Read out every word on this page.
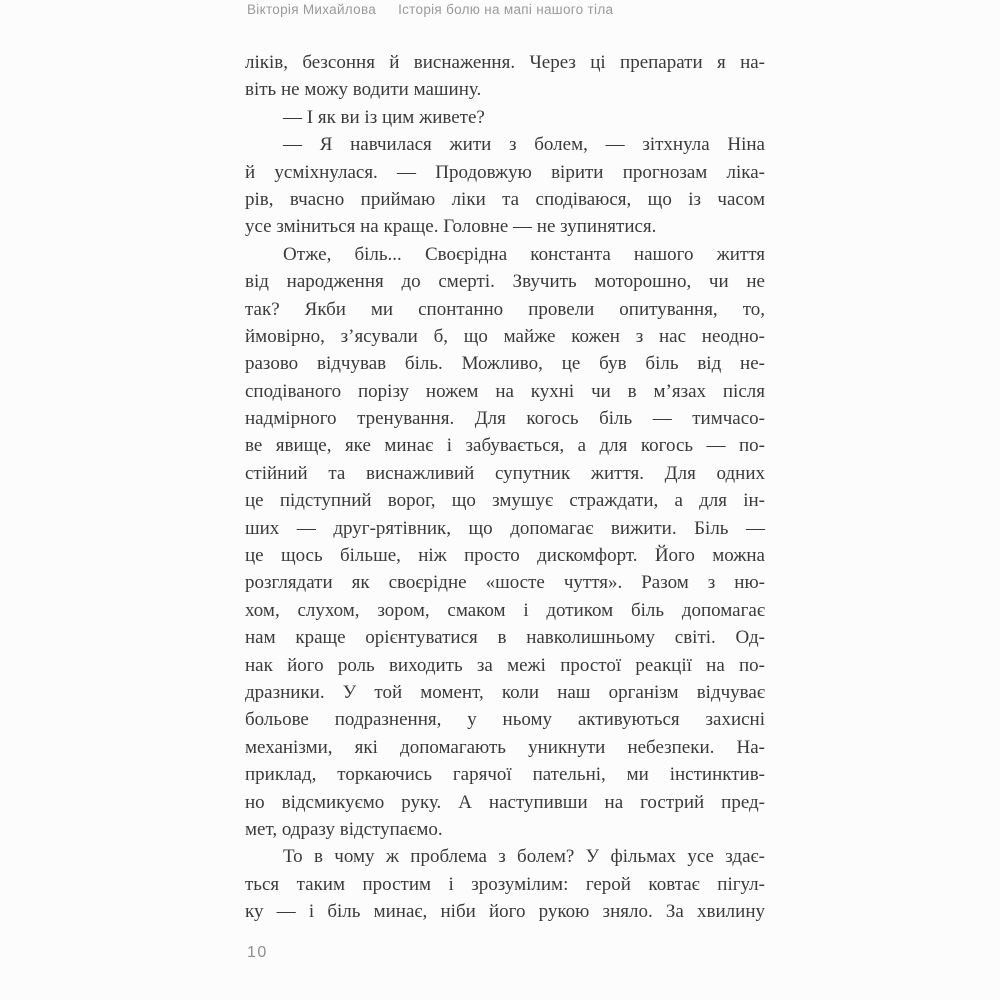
Вікторія Михайлова Історія болю на мапі нашого тіла
ліків, безсоння й виснаження. Через ці препарати я на-
віть не можу водити машину.
— І як ви із цим живете?
— Я навчилася жити з болем, — зітхнула Ніна
й усміхнулася. — Продовжую вірити прогнозам ліка-
рів, вчасно приймаю ліки та сподіваюся, що із часом
усе зміниться на краще. Головне — не зупинятися.
Отже, біль... Своєрідна константа нашого життя
від народження до смерті. Звучить моторошно, чи не
так? Якби ми спонтанно провели опитування, то,
ймовірно, з’ясували б, що майже кожен з нас неодно-
разово відчував біль. Можливо, це був біль від не-
сподіваного порізу ножем на кухні чи в м’язах після
надмірного тренування. Для когось біль — тимчасо-
ве явище, яке минає і забувається, а для когось — по-
стійний та виснажливий супутник життя. Для одних
це підступний ворог, що змушує страждати, а для ін-
ших — друг-рятівник, що допомагає вижити. Біль —
це щось більше, ніж просто дискомфорт. Його можна
розглядати як своєрідне «шосте чуття». Разом з ню-
хом, слухом, зором, смаком і дотиком біль допомагає
нам краще орієнтуватися в навколишньому світі. Од-
нак його роль виходить за межі простої реакції на по-
дразники. У той момент, коли наш організм відчуває
больове подразнення, у ньому активуються захисні
механізми, які допомагають уникнути небезпеки. На-
приклад, торкаючись гарячої пательні, ми інстинктив-
но відсмикуємо руку. А наступивши на гострий пред-
мет, одразу відступаємо.
То в чому ж проблема з болем? У фільмах усе здає-
ться таким простим і зрозумілим: герой ковтає пігул-
ку — і біль минає, ніби його рукою зняло. За хвилину
10
